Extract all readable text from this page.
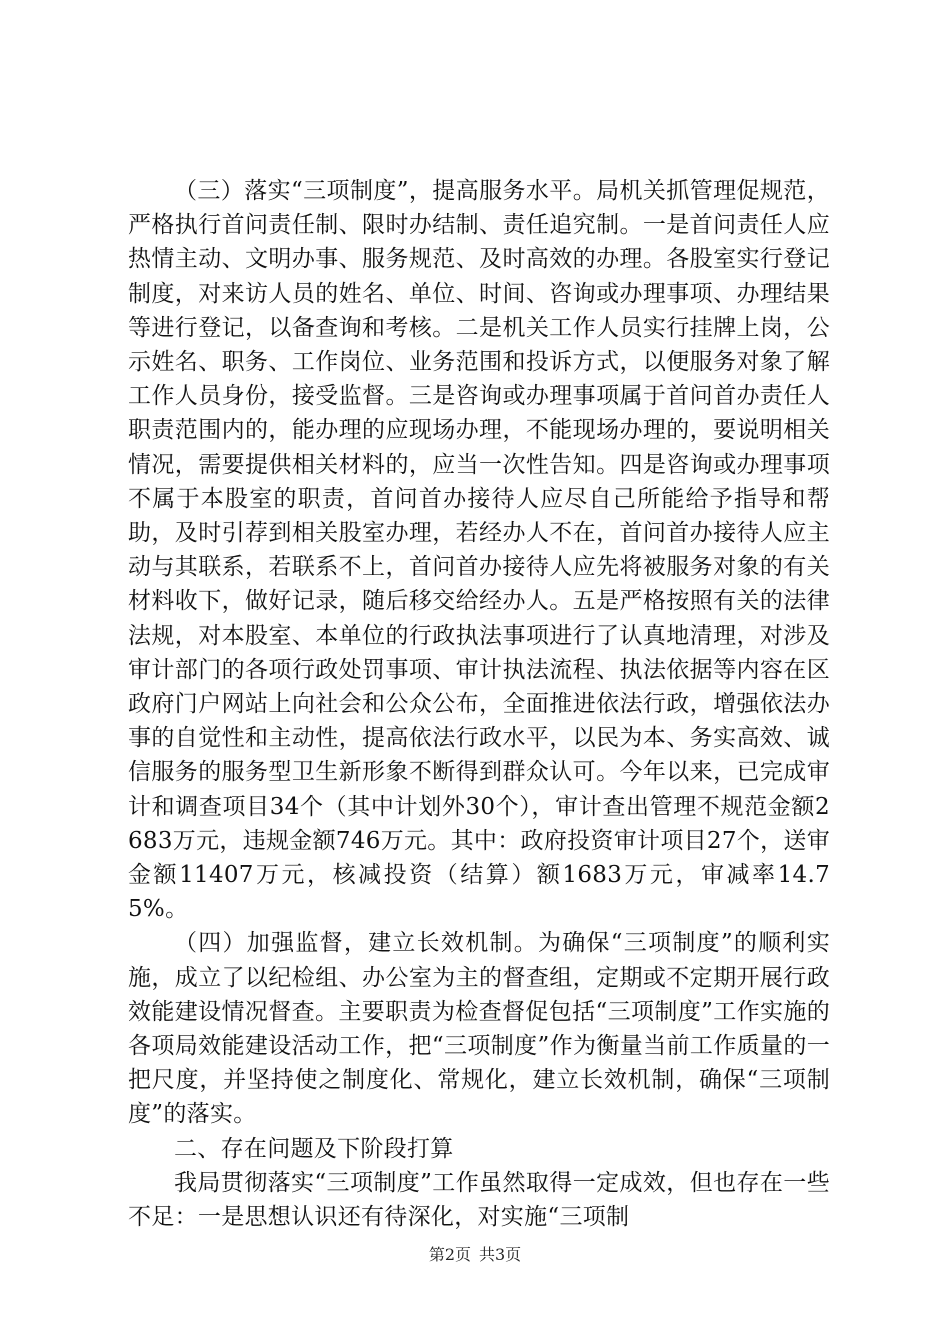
（三）落实“三项制度”，提高服务水平。局机关抓管理促规范，严格执行首问责任制、限时办结制、责任追究制。一是首问责任人应热情主动、文明办事、服务规范、及时高效的办理。各股室实行登记制度，对来访人员的姓名、单位、时间、咨询或办理事项、办理结果等进行登记，以备查询和考核。二是机关工作人员实行挂牌上岗，公示姓名、职务、工作岗位、业务范围和投诉方式，以便服务对象了解工作人员身份，接受监督。三是咨询或办理事项属于首问首办责任人职责范围内的，能办理的应现场办理，不能现场办理的，要说明相关情况，需要提供相关材料的，应当一次性告知。四是咨询或办理事项不属于本股室的职责，首问首办接待人应尽自己所能给予指导和帮助，及时引荐到相关股室办理，若经办人不在，首问首办接待人应主动与其联系，若联系不上，首问首办接待人应先将被服务对象的有关材料收下，做好记录，随后移交给经办人。五是严格按照有关的法律法规，对本股室、本单位的行政执法事项进行了认真地清理，对涉及审计部门的各项行政处罚事项、审计执法流程、执法依据等内容在区政府门户网站上向社会和公众公布，全面推进依法行政，增强依法办事的自觉性和主动性，提高依法行政水平，以民为本、务实高效、诚信服务的服务型卫生新形象不断得到群众认可。今年以来，已完成审计和调查项目34个（其中计划外30个），审计查出管理不规范金额2683万元，违规金额746万元。其中：政府投资审计项目27个，送审金额11407万元，核减投资（结算）额1683万元，审减率14.75%。

（四）加强监督，建立长效机制。为确保“三项制度”的顺利实施，成立了以纪检组、办公室为主的督查组，定期或不定期开展行政效能建设情况督查。主要职责为检查督促包括“三项制度”工作实施的各项局效能建设活动工作，把“三项制度”作为衡量当前工作质量的一把尺度，并坚持使之制度化、常规化，建立长效机制，确保“三项制度”的落实。

二、存在问题及下阶段打算

我局贯彻落实“三项制度”工作虽然取得一定成效，但也存在一些不足：一是思想认识还有待深化，对实施“三项制

第2页 共3页
